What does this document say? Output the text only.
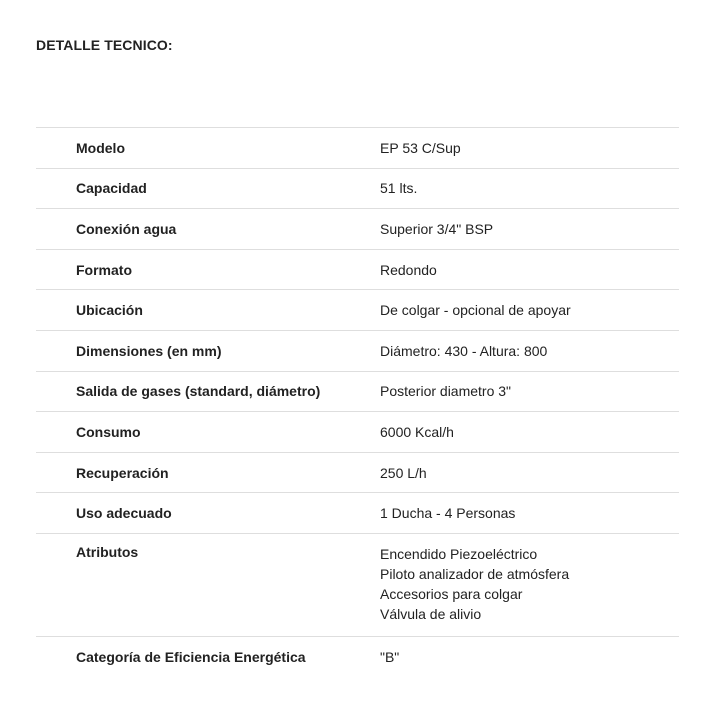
DETALLE TECNICO:
Modelo	EP 53 C/Sup
Capacidad	51 lts.
Conexión agua	Superior 3/4" BSP
Formato	Redondo
Ubicación	De colgar - opcional de apoyar
Dimensiones (en mm)	Diámetro: 430 - Altura: 800
Salida de gases (standard, diámetro)	Posterior diametro 3"
Consumo	6000 Kcal/h
Recuperación	250 L/h
Uso adecuado	1 Ducha - 4 Personas
Atributos	Encendido Piezoeléctrico
Piloto analizador de atmósfera
Accesorios para colgar
Válvula de alivio
Categoría de Eficiencia Energética	"B"
